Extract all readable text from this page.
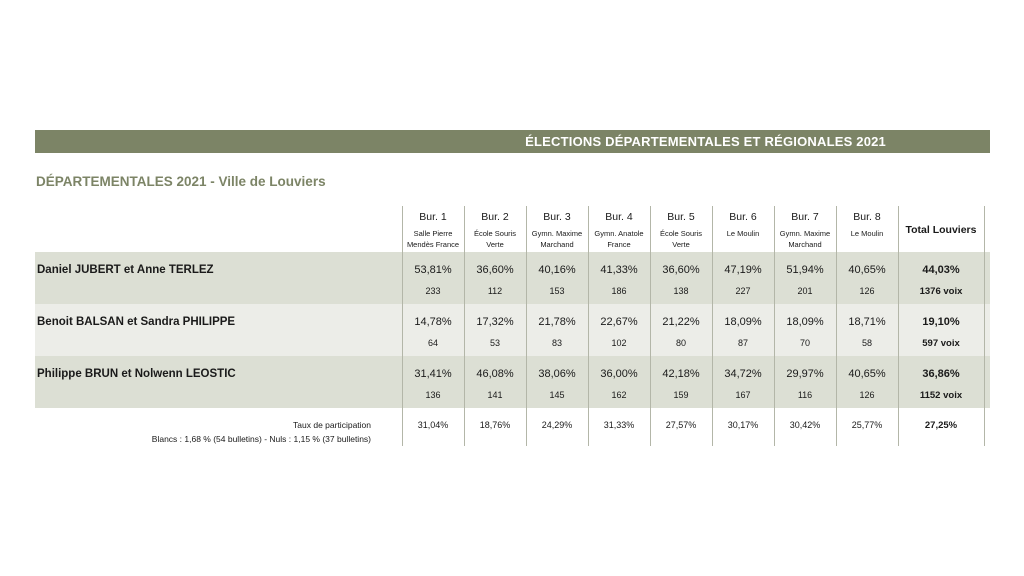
ÉLECTIONS DÉPARTEMENTALES ET RÉGIONALES 2021
DÉPARTEMENTALES 2021 - Ville de Louviers
Daniel JUBERT et Anne TERLEZ
Benoit BALSAN et Sandra PHILIPPE
Philippe BRUN et Nolwenn LEOSTIC
Taux de participation
Blancs : 1,68 % (54 bulletins) - Nuls : 1,15 % (37 bulletins)
Bur. 1
Salle Pierre
Mendès France
53,81%
233
14,78%
64
31,41%
136
31,04%
Bur. 2
École Souris
Verte
36,60%
112
17,32%
53
46,08%
141
18,76%
Bur. 3
Gymn. Maxime
Marchand
40,16%
153
21,78%
83
38,06%
145
24,29%
Bur. 4
Gymn. Anatole
France
41,33%
186
22,67%
102
36,00%
162
31,33%
Bur. 5
École Souris
Verte
36,60%
138
21,22%
80
42,18%
159
27,57%
Bur. 6
Le Moulin
47,19%
227
18,09%
87
34,72%
167
30,17%
Bur. 7
Gymn. Maxime
Marchand
51,94%
201
18,09%
70
29,97%
116
30,42%
Bur. 8
Le Moulin
40,65%
126
18,71%
58
40,65%
126
25,77%
Total Louviers
44,03%
1376 voix
19,10%
597 voix
36,86%
1152 voix
27,25%
